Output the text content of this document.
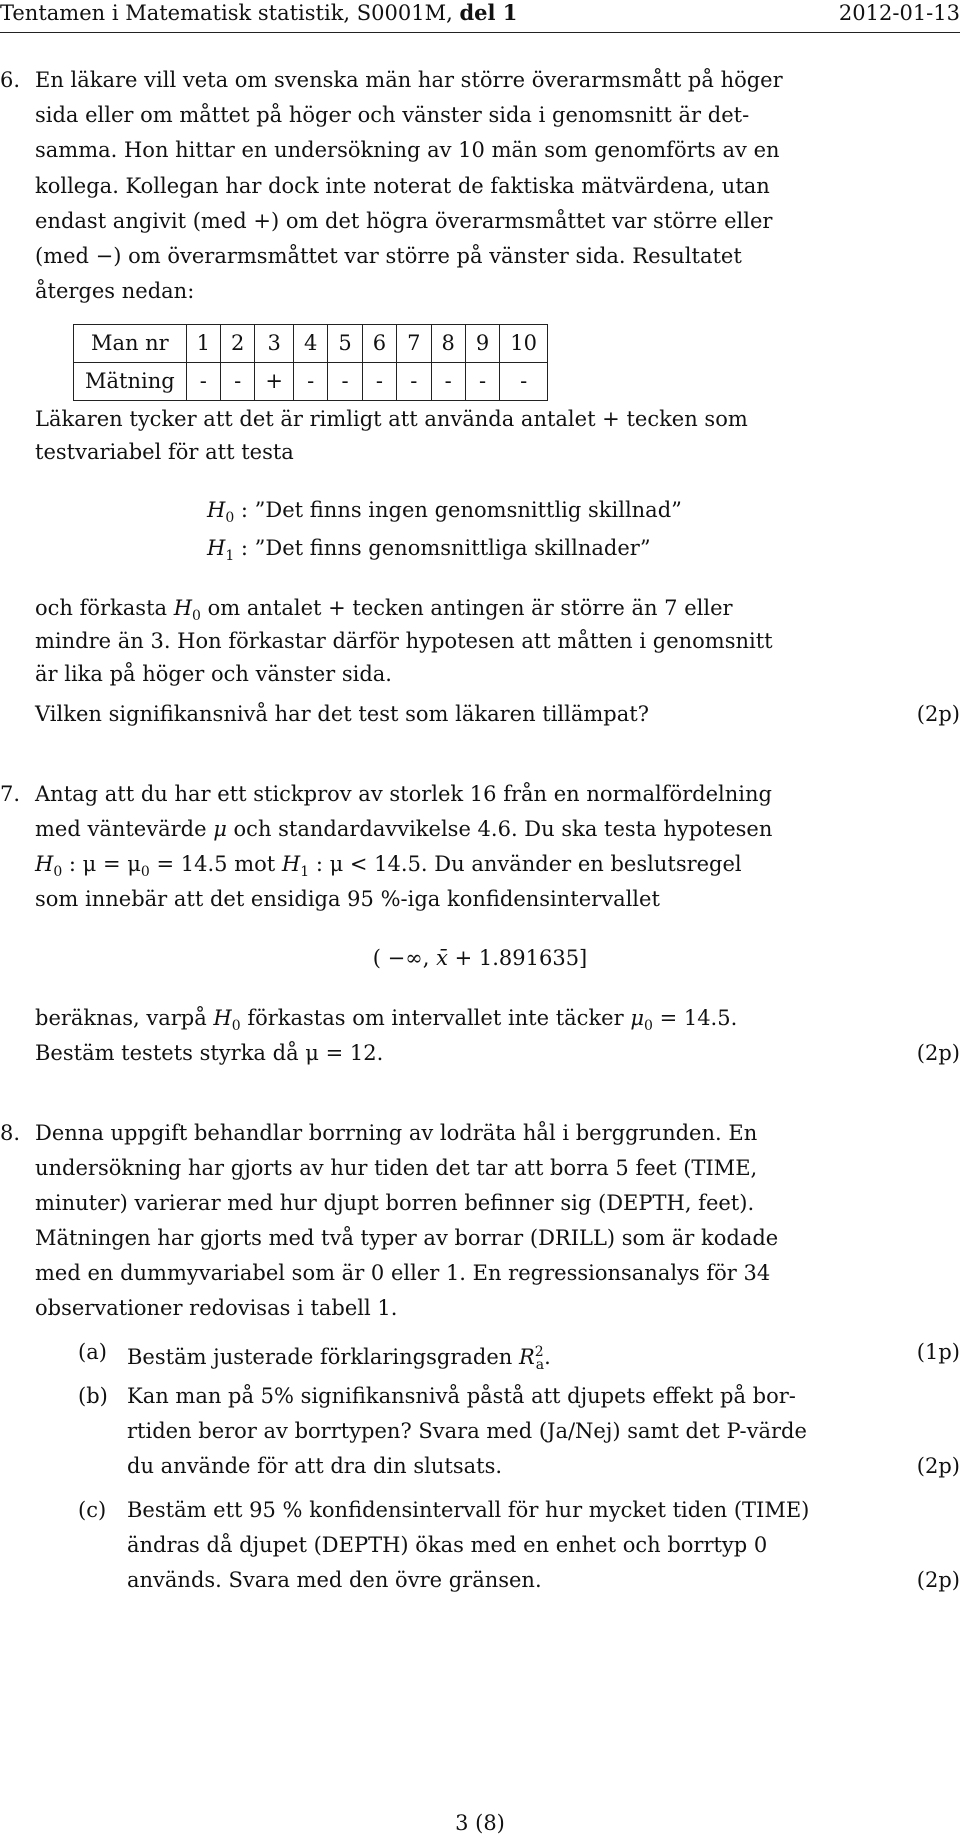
Tentamen i Matematisk statistik, S0001M, del 1	2012-01-13
6. En läkare vill veta om svenska män har större överarmsmått på höger
sida eller om måttet på höger och vänster sida i genomsnitt är det-
samma. Hon hittar en undersökning av 10 män som genomförts av en
kollega. Kollegan har dock inte noterat de faktiska mätvärdena, utan
endast angivit (med +) om det högra överarmsmåttet var större eller
(med −) om överarmsmåttet var större på vänster sida. Resultatet
återges nedan:
Man nr	1	2	3	4	5	6	7	8	9	10
Mätning	-	-	+	-	-	-	-	-	-	-
Läkaren tycker att det är rimligt att använda antalet + tecken som
testvariabel för att testa
$H_0$ : ”Det finns ingen genomsnittlig skillnad”
$H_1$ : ”Det finns genomsnittliga skillnader”
och förkasta $H_0$ om antalet + tecken antingen är större än 7 eller
mindre än 3. Hon förkastar därför hypotesen att måtten i genomsnitt
är lika på höger och vänster sida.
Vilken signifikansnivå har det test som läkaren tillämpat?	(2p)
7. Antag att du har ett stickprov av storlek 16 från en normalfördelning
med väntevärde μ och standardavvikelse 4.6. Du ska testa hypotesen
$H_0$ : $\mu = \mu_0 = 14.5$ mot $H_1$ : μ < 14.5. Du använder en beslutsregel
som innebär att det ensidiga 95 %-iga konfidensintervallet
( −∞, x̄ + 1.891635]
beräknas, varpå $H_0$ förkastas om intervallet inte täcker $\mu_0 = 14.5$.
Bestäm testets styrka då μ = 12.	(2p)
8. Denna uppgift behandlar borrning av lodräta hål i berggrunden. En
undersökning har gjorts av hur tiden det tar att borra 5 feet (TIME,
minuter) varierar med hur djupt borren befinner sig (DEPTH, feet).
Mätningen har gjorts med två typer av borrar (DRILL) som är kodade
med en dummyvariabel som är 0 eller 1. En regressionsanalys för 34
observationer redovisas i tabell 1.
(a) Bestäm justerade förklaringsgraden $R^2_a$.	(1p)
(b) Kan man på 5% signifikansnivå påstå att djupets effekt på bor-
rtiden beror av borrtypen? Svara med (Ja/Nej) samt det P-värde
du använde för att dra din slutsats.	(2p)
(c) Bestäm ett 95 % konfidensintervall för hur mycket tiden (TIME)
ändras då djupet (DEPTH) ökas med en enhet och borrtyp 0
används. Svara med den övre gränsen.	(2p)
3 (8)
